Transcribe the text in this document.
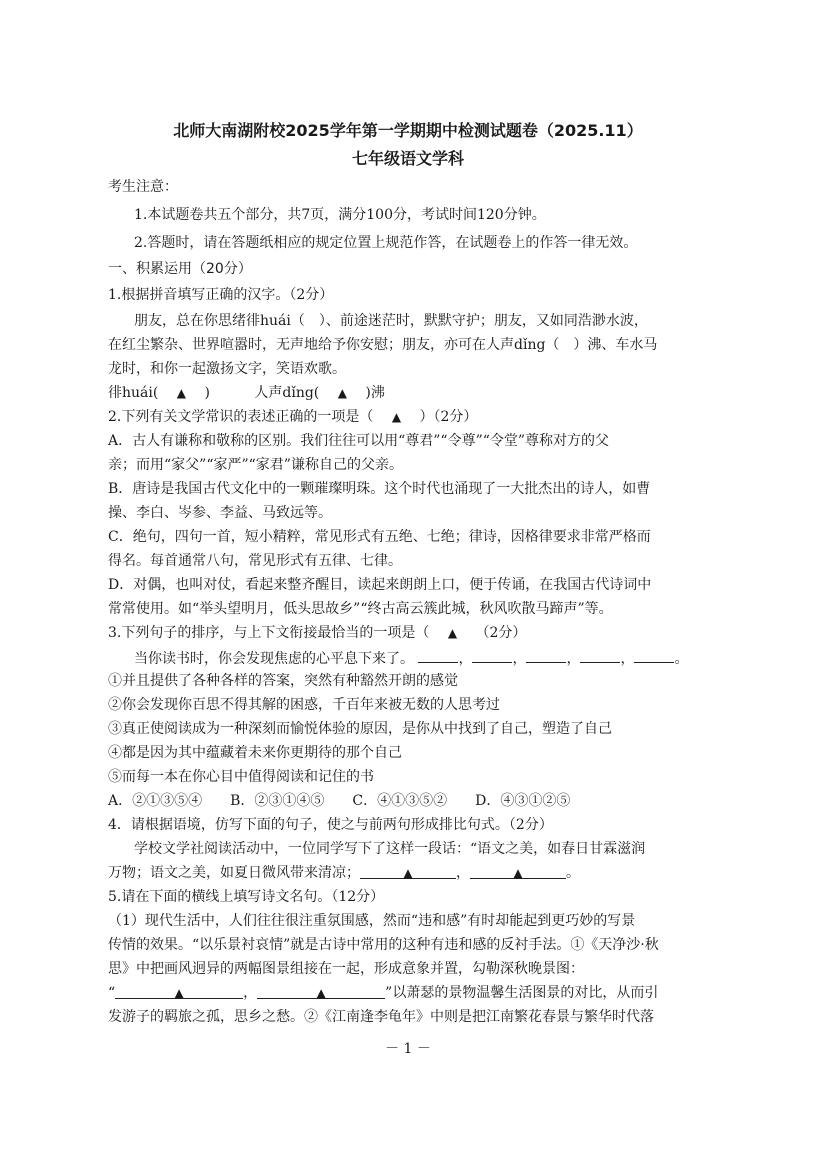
北师大南湖附校2025学年第一学期期中检测试题卷（2025.11）
七年级语文学科
考生注意：
1.本试题卷共五个部分，共7页，满分100分，考试时间120分钟。
2.答题时，请在答题纸相应的规定位置上规范作答，在试题卷上的作答一律无效。
一、积累运用（20分）
1.根据拼音填写正确的汉字。（2分）
朋友，总在你思绪徘huái（　）、前途迷茫时，默默守护；朋友，又如同浩渺水波，
在红尘繁杂、世界喧嚣时，无声地给予你安慰；朋友，亦可在人声dǐng（　）沸、车水马
龙时，和你一起激扬文字，笑语欢歌。
徘huái( ▲ )	人声dǐng( ▲ )沸
2.下列有关文学常识的表述正确的一项是（ ▲ ）（2分）
A．古人有谦称和敬称的区别。我们往往可以用“尊君”“令尊”“令堂”尊称对方的父
亲；而用“家父”“家严”“家君”谦称自己的父亲。
B．唐诗是我国古代文化中的一颗璀璨明珠。这个时代也涌现了一大批杰出的诗人，如曹
操、李白、岑参、李益、马致远等。
C．绝句，四句一首，短小精粹，常见形式有五绝、七绝；律诗，因格律要求非常严格而
得名。每首通常八句，常见形式有五律、七律。
D．对偶，也叫对仗，看起来整齐醒目，读起来朗朗上口，便于传诵，在我国古代诗词中
常常使用。如“举头望明月，低头思故乡”“终古高云簇此城，秋风吹散马蹄声”等。
3.下列句子的排序，与上下文衔接最恰当的一项是（ ▲ （2分）
当你读书时，你会发现焦虑的心平息下来了。	，	，	，	，	。
①并且提供了各种各样的答案，突然有种豁然开朗的感觉
②你会发现你百思不得其解的困惑，千百年来被无数的人思考过
③真正使阅读成为一种深刻而愉悦体验的原因，是你从中找到了自己，塑造了自己
④都是因为其中蕴藏着未来你更期待的那个自己
⑤而每一本在你心目中值得阅读和记住的书
A．②①③⑤④　　B．②③①④⑤　　C．④①③⑤②　　D．④③①②⑤
4．请根据语境，仿写下面的句子，使之与前两句形成排比句式。（2分）
学校文学社阅读活动中，一位同学写下了这样一段话：“语文之美，如春日甘霖滋润
万物；语文之美，如夏日微风带来清凉；	▲	，	▲	。
5.请在下面的横线上填写诗文名句。（12分）
（1）现代生活中，人们往往很注重氛围感，然而“违和感”有时却能起到更巧妙的写景
传情的效果。“以乐景衬哀情”就是古诗中常用的这种有违和感的反衬手法。①《天净沙·秋
思》中把画风迥异的两幅图景组接在一起，形成意象并置，勾勒深秋晚景图：
“	▲	，	▲	”以萧瑟的景物温馨生活图景的对比，从而引
发游子的羁旅之孤，思乡之愁。②《江南逢李龟年》中则是把江南繁花春景与繁华时代落
－ 1 －
